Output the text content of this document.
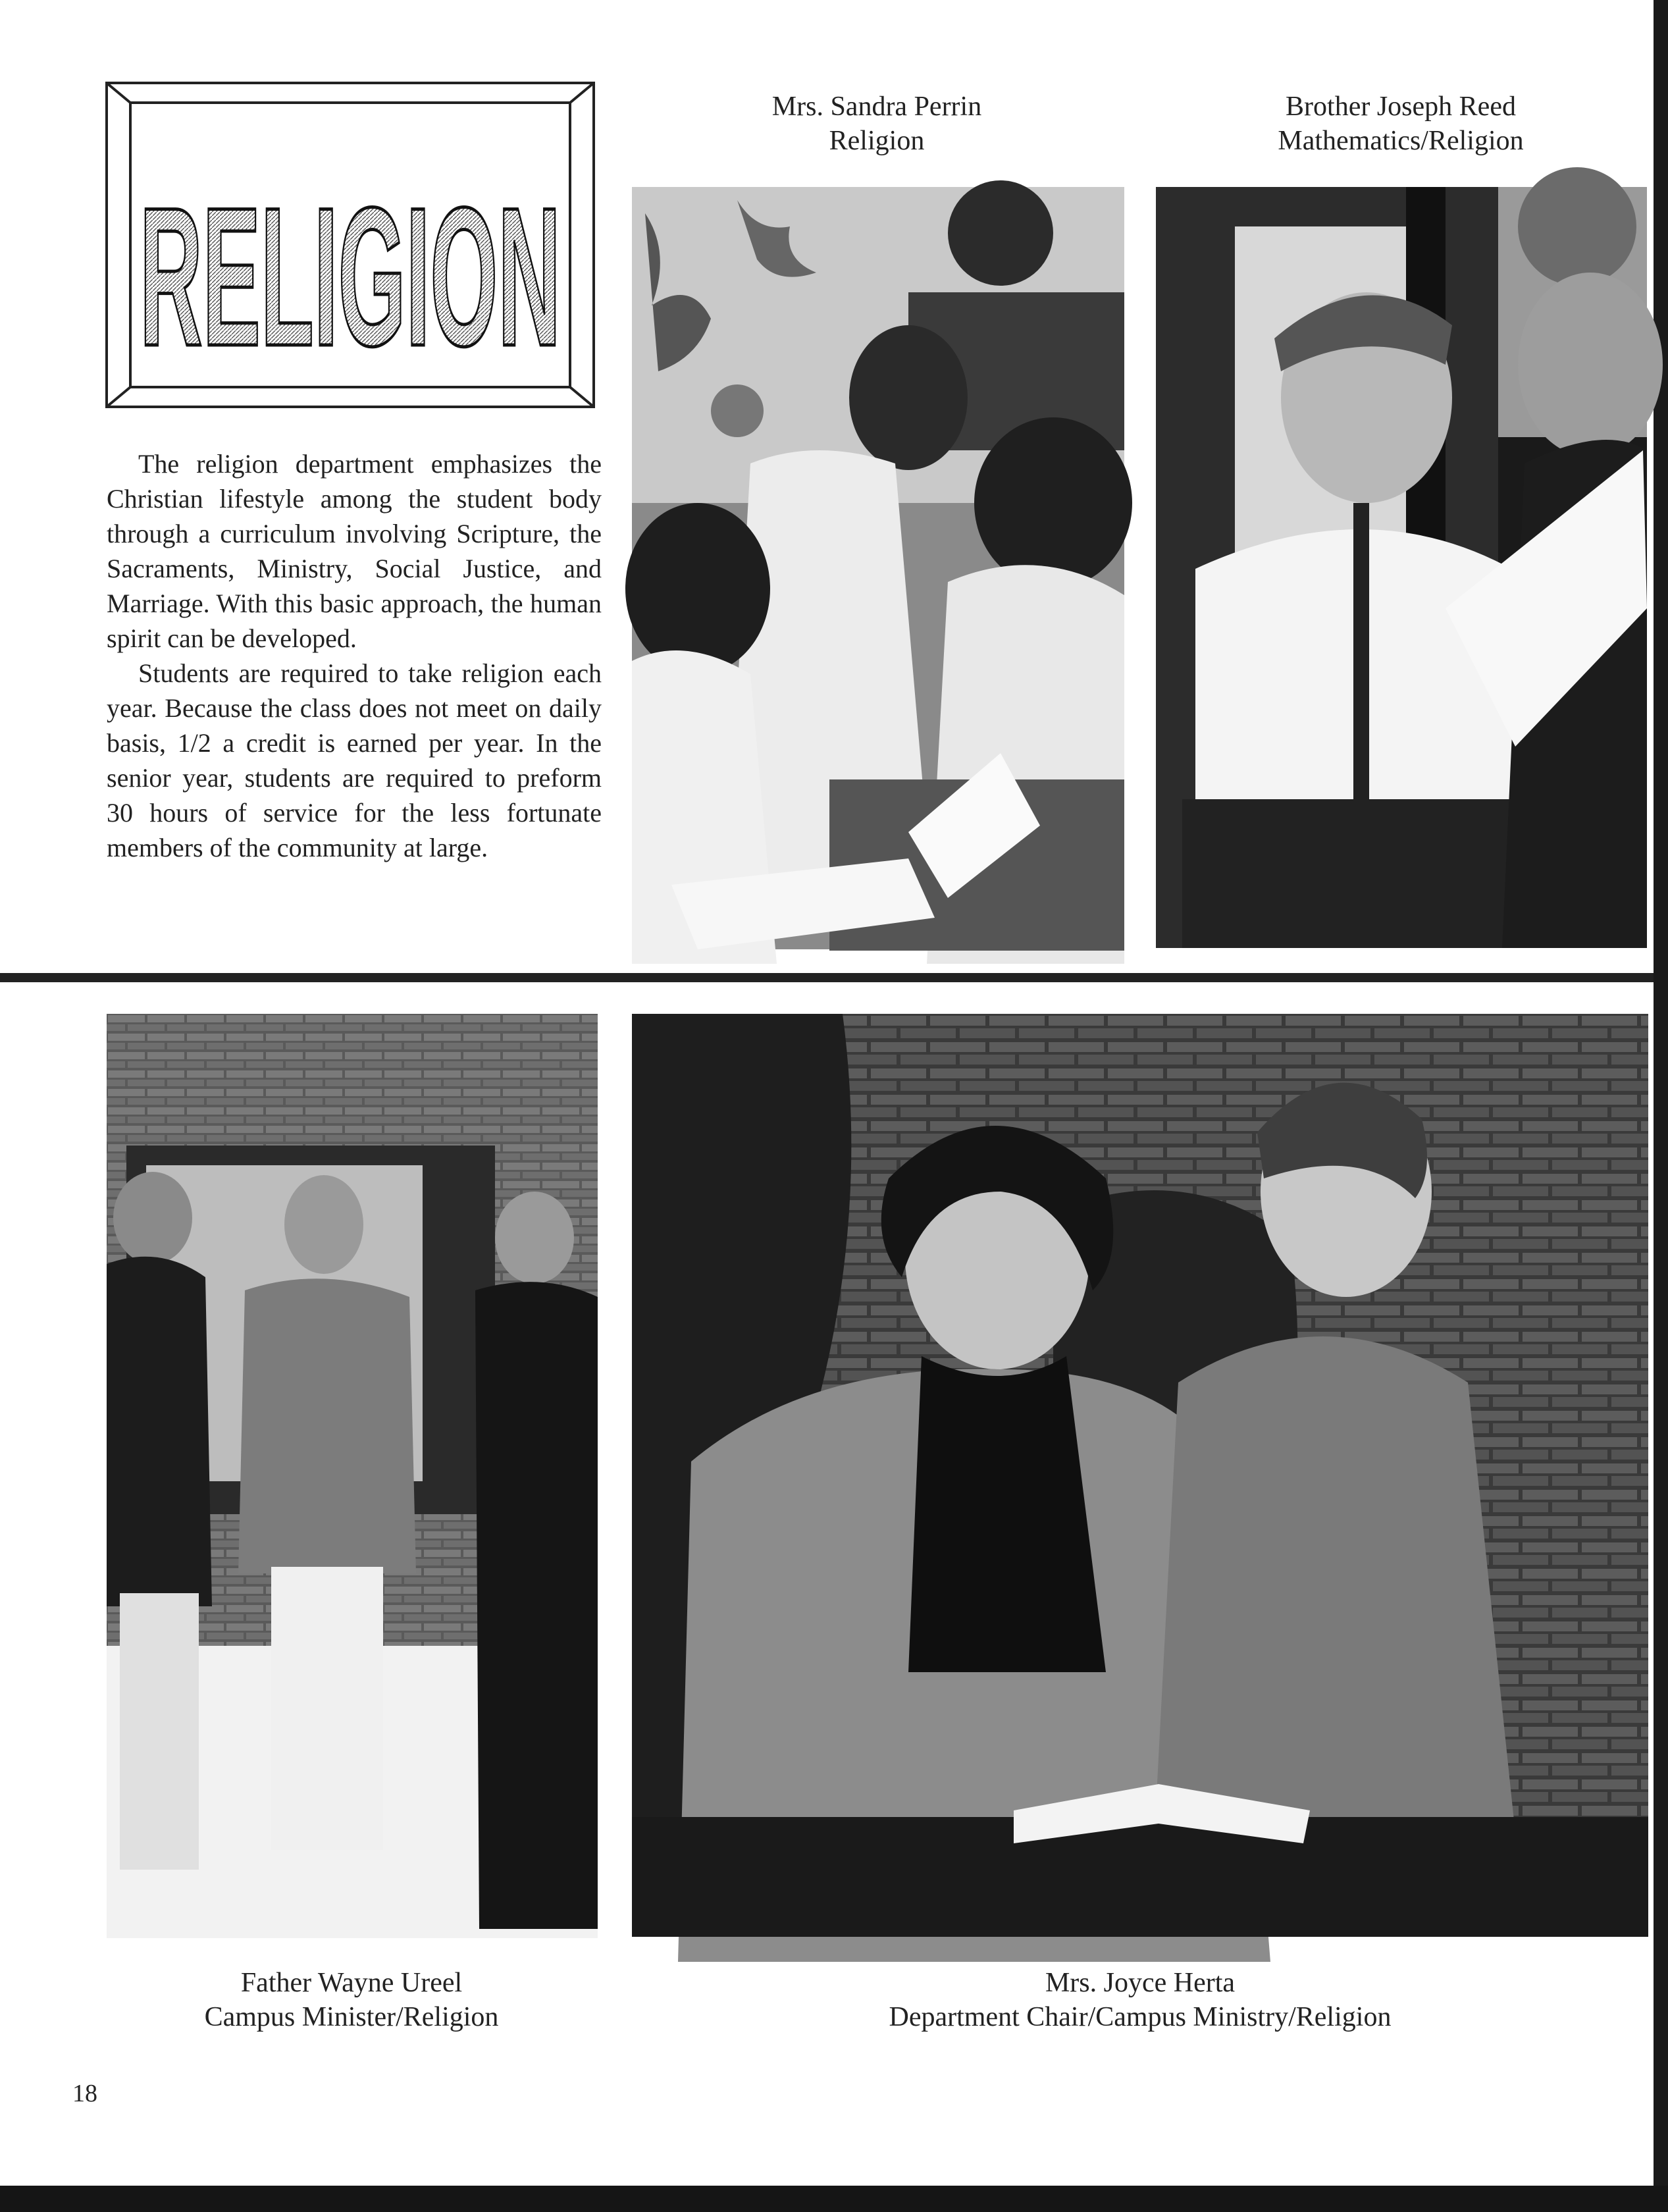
RELIGION

The religion department emphasizes the Christian lifestyle among the student body through a curriculum involving Scripture, the Sacraments, Ministry, Social Justice, and Marriage. With this basic approach, the human spirit can be developed.

Students are required to take religion each year. Because the class does not meet on daily basis, 1/2 a credit is earned per year. In the senior year, students are required to preform 30 hours of service for the less fortunate members of the community at large.

Mrs. Sandra Perrin
Religion
Brother Joseph Reed
Mathematics/Religion
Father Wayne Ureel
Campus Minister/Religion
Mrs. Joyce Herta
Department Chair/Campus Ministry/Religion
18
